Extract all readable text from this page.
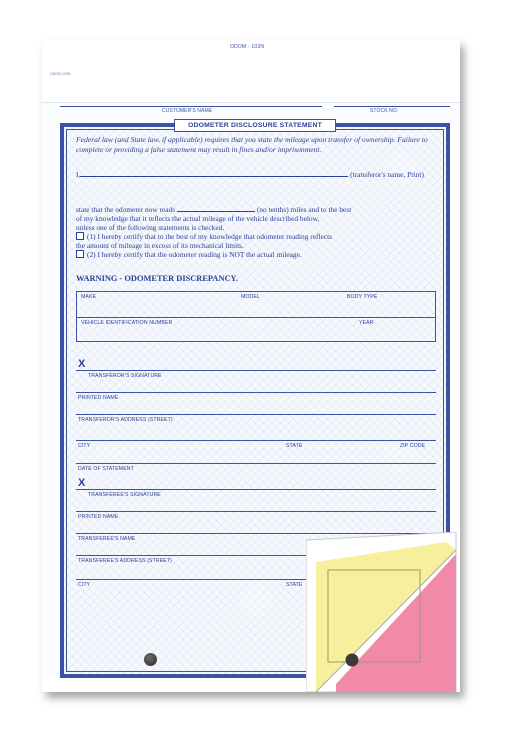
ODOM - 103N
ODOM-103N
CUSTOMER'S NAME	STOCK NO.
ODOMETER DISCLOSURE STATEMENT
Federal law (and State law, if applicable) requires that you state the mileage upon transfer of ownership. Failure to complete or providing a false statement may result in fines and/or imprisonment.
I,	(transferor's name, Print)
state that the odometer now reads	(no tenths) miles and to the best
of my knowledge that it reflects the actual mileage of the vehicle described below,
unless one of the following statements is checked.
(1) I hereby certify that to the best of my knowledge that odometer reading reflects
the amount of mileage in excess of its mechanical limits.
(2) I hereby certify that the odometer reading is NOT the actual mileage.
WARNING - ODOMETER DISCREPANCY.
MAKE	MODEL	BODY TYPE
VEHICLE IDENTIFICATION NUMBER	YEAR
X
TRANSFEROR'S SIGNATURE
PRINTED NAME
TRANSFEROR'S ADDRESS (STREET)
CITY	STATE	ZIP CODE
DATE OF STATEMENT
X
TRANSFEREE'S SIGNATURE
PRINTED NAME
TRANSFEREE'S NAME
TRANSFEREE'S ADDRESS (STREET)
CITY	STATE
